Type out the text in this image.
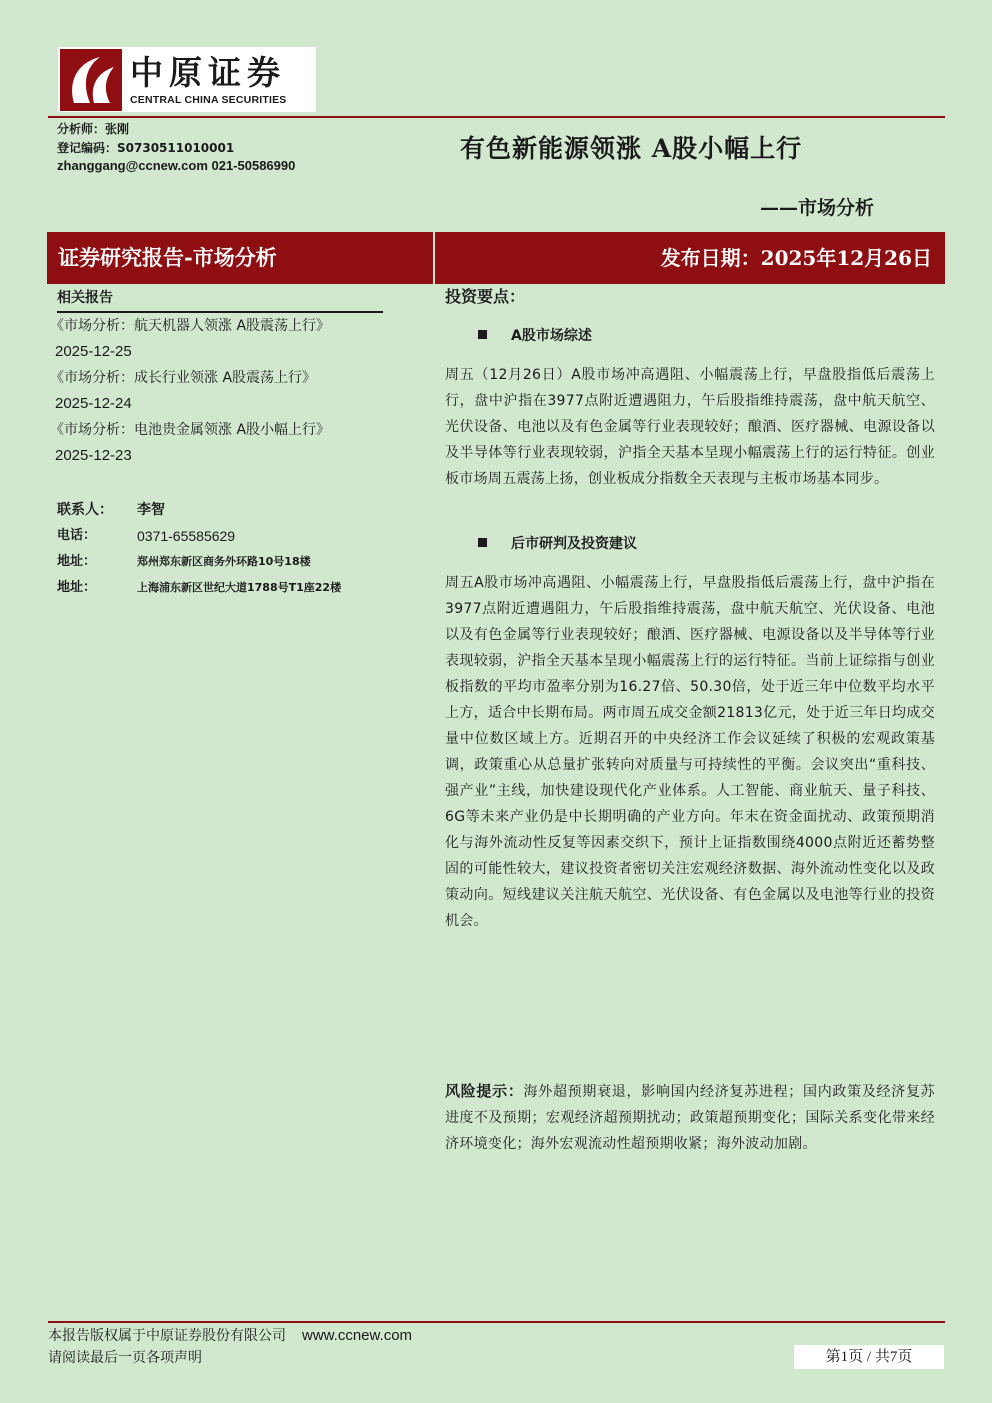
中原证券
CENTRAL CHINA SECURITIES
分析师：张刚
登记编码：S0730511010001
zhanggang@ccnew.com 021-50586990
有色新能源领涨 A股小幅上行
——市场分析
证券研究报告-市场分析	发布日期：2025年12月26日
相关报告
《市场分析：航天机器人领涨 A股震荡上行》
2025-12-25
《市场分析：成长行业领涨 A股震荡上行》
2025-12-24
《市场分析：电池贵金属领涨 A股小幅上行》
2025-12-23
联系人： 李智
电话：	0371-65585629
地址：	郑州郑东新区商务外环路10号18楼
地址：	上海浦东新区世纪大道1788号T1座22楼
投资要点：
A股市场综述
周五（12月26日）A股市场冲高遇阻、小幅震荡上行，早盘股指低后震荡上行，盘中沪指在3977点附近遭遇阻力，午后股指维持震荡，盘中航天航空、光伏设备、电池以及有色金属等行业表现较好；酿酒、医疗器械、电源设备以及半导体等行业表现较弱，沪指全天基本呈现小幅震荡上行的运行特征。创业板市场周五震荡上扬，创业板成分指数全天表现与主板市场基本同步。
后市研判及投资建议
周五A股市场冲高遇阻、小幅震荡上行，早盘股指低后震荡上行，盘中沪指在3977点附近遭遇阻力，午后股指维持震荡，盘中航天航空、光伏设备、电池以及有色金属等行业表现较好；酿酒、医疗器械、电源设备以及半导体等行业表现较弱，沪指全天基本呈现小幅震荡上行的运行特征。当前上证综指与创业板指数的平均市盈率分别为16.27倍、50.30倍，处于近三年中位数平均水平上方，适合中长期布局。两市周五成交金额21813亿元，处于近三年日均成交量中位数区域上方。近期召开的中央经济工作会议延续了积极的宏观政策基调，政策重心从总量扩张转向对质量与可持续性的平衡。会议突出“重科技、强产业”主线，加快建设现代化产业体系。人工智能、商业航天、量子科技、6G等未来产业仍是中长期明确的产业方向。年末在资金面扰动、政策预期消化与海外流动性反复等因素交织下，预计上证指数围绕4000点附近还蓄势整固的可能性较大，建议投资者密切关注宏观经济数据、海外流动性变化以及政策动向。短线建议关注航天航空、光伏设备、有色金属以及电池等行业的投资机会。
风险提示：海外超预期衰退，影响国内经济复苏进程；国内政策及经济复苏进度不及预期；宏观经济超预期扰动；政策超预期变化；国际关系变化带来经济环境变化；海外宏观流动性超预期收紧；海外波动加剧。
本报告版权属于中原证券股份有限公司 www.ccnew.com
请阅读最后一页各项声明	第1页 / 共7页
